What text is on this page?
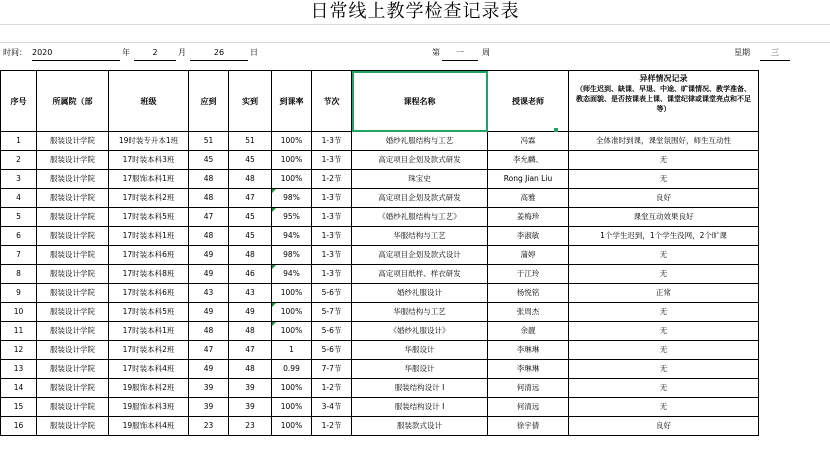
日常线上教学检查记录表
时间： 2020	年	2	月	26	日	第	一	周	星期	三
序号	所属院（部	班级	应到	实到	到课率	节次	课程名称	授课老师	异样情况记录
（师生迟到、缺课、早退、中途、旷课情况、教学准备、教态面貌、是否按课表上课、课堂纪律或课堂亮点和不足等）

1	服装设计学院	19时装专升本1班	51	51	100%	1-3节	婚纱礼服结构与工艺	冯霖	全体准时到课，课堂氛围好，师生互动性
2	服装设计学院	17时装本科3班	45	45	100%	1-3节	高定项目企划及款式研发	李允麟、	无
3	服装设计学院	17服饰本科1班	48	48	100%	1-2节	珠宝史	Rong Jian Liu	无
4	服装设计学院	17时装本科2班	48	47	98%	1-3节	高定项目企划及款式研发	高雅	良好
5	服装设计学院	17时装本科5班	47	45	95%	1-3节	《婚纱礼服结构与工艺》	姜梅珍	课堂互动效果良好
6	服装设计学院	17时装本科1班	48	45	94%	1-3节	华服结构与工艺	李淑敏	1个学生迟到，1个学生没网，2个旷课
7	服装设计学院	17时装本科6班	49	48	98%	1-3节	高定项目企划及款式设计	蒲婷	无
8	服装设计学院	17时装本科8班	49	46	94%	1-3节	高定项目纸样、样衣研发	于江玲	无
9	服装设计学院	17时装本科6班	43	43	100%	5-6节	婚纱礼服设计	杨悦铭	正常
10	服装设计学院	17时装本科5班	49	49	100%	5-7节	华服结构与工艺	张周杰	无
11	服装设计学院	17时装本科1班	48	48	100%	5-6节	《婚纱礼服设计》	余靓	无
12	服装设计学院	17时装本科2班	47	47	1	5-6节	华服设计	李琳琳	无
13	服装设计学院	17时装本科4班	49	48	0.99	7-7节	华服设计	李琳琳	无
14	服装设计学院	19服饰本科2班	39	39	100%	1-2节	服装结构设计 I	何清远	无
15	服装设计学院	19服饰本科3班	39	39	100%	3-4节	服装结构设计 I	何清远	无
16	服装设计学院	19服饰本科4班	23	23	100%	1-2节	服装款式设计	徐宇倩	良好
